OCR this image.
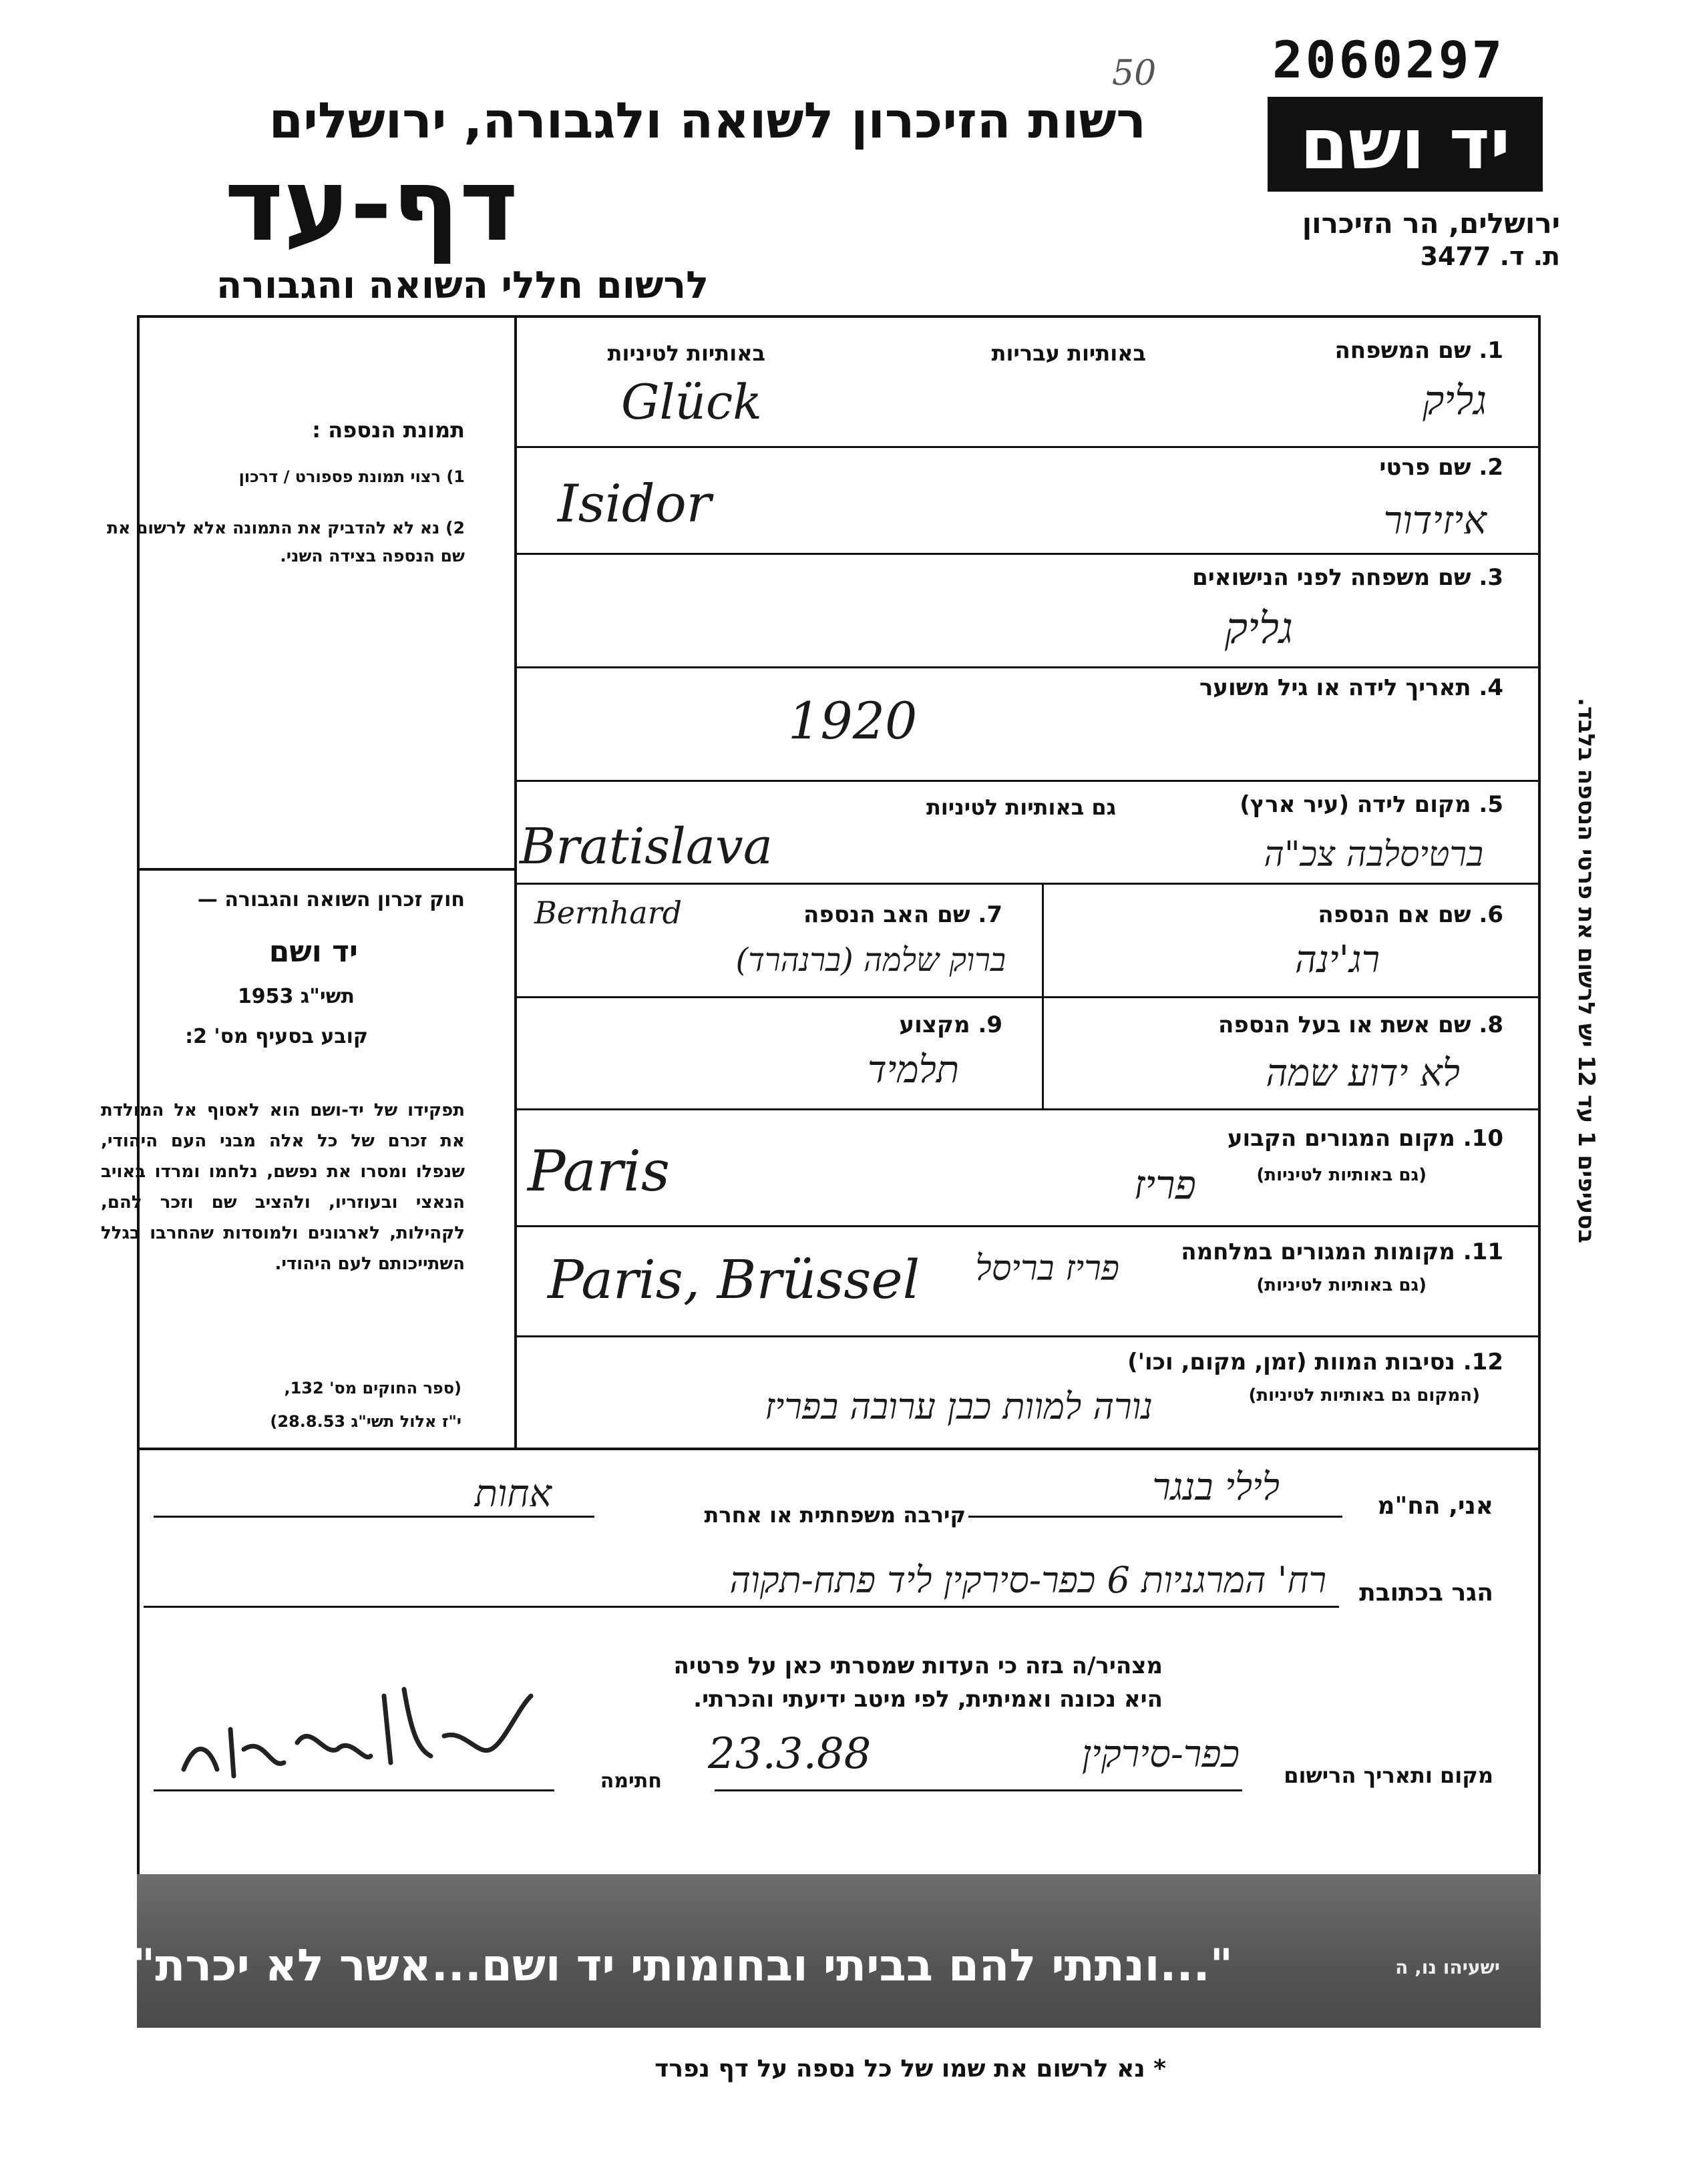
2060297
50
רשות הזיכרון לשואה ולגבורה, ירושלים
דף-עד
לרשום חללי השואה והגבורה
יד ושם
ירושלים, הר הזיכרון
ת. ד. 3477
בסעיפים 1 עד 12 יש לרשום את פרטי הנספה בלבד.
תמונת הנספה :
1) רצוי תמונת פספורט / דרכון
2) נא לא להדביק את התמונה אלא לרשום את שם הנספה בצידה השני.
חוק זכרון השואה והגבורה —
יד ושם
תשי"ג 1953
קובע בסעיף מס' 2:
תפקידו של יד-ושם הוא לאסוף אל המולדת את זכרם של כל אלה מבני העם היהודי, שנפלו ומסרו את נפשם, נלחמו ומרדו באויב הנאצי ובעוזריו, ולהציב שם וזכר להם, לקהילות, לארגונים ולמוסדות שהחרבו בגלל השתייכותם לעם היהודי.
(ספר החוקים מס' 132,
י"ז אלול תשי"ג 28.8.53)
1. שם המשפחה
באותיות עבריות
באותיות לטיניות
גליק
Glück
2. שם פרטי
איזידור
Isidor
3. שם משפחה לפני הנישואים
גליק
4. תאריך לידה או גיל משוער
1920
5. מקום לידה (עיר ארץ)
גם באותיות לטיניות
Bratislava	ברטיסלבה צכ"ה
6. שם אם הנספה
רג'ינה
7. שם האב הנספה
Bernhard
ברוק שלמה (ברנהרד)
8. שם אשת או בעל הנספה
לא ידוע שמה
9. מקצוע
תלמיד
10. מקום המגורים הקבוע
(גם באותיות לטיניות)
Paris	פריז
11. מקומות המגורים במלחמה
(גם באותיות לטיניות)
Paris, Brüssel פריז בריסל
12. נסיבות המוות (זמן, מקום, וכו')
(המקום גם באותיות לטיניות)
נורה למוות כבן ערובה בפריז
אני, הח"מ
לילי בנגר
קירבה משפחתית או אחרת
אחות
הגר בכתובת
רח' המרגניות 6 כפר-סירקין ליד פתח-תקוה
מצהיר/ה בזה כי העדות שמסרתי כאן על פרטיה
היא נכונה ואמיתית, לפי מיטב ידיעתי והכרתי.
מקום ותאריך הרישום
כפר-סירקין
23.3.88
חתימה
"...ונתתי להם בביתי ובחומותי יד ושם...אשר לא יכרת"	ישעיהו נו, ה
* נא לרשום את שמו של כל נספה על דף נפרד
